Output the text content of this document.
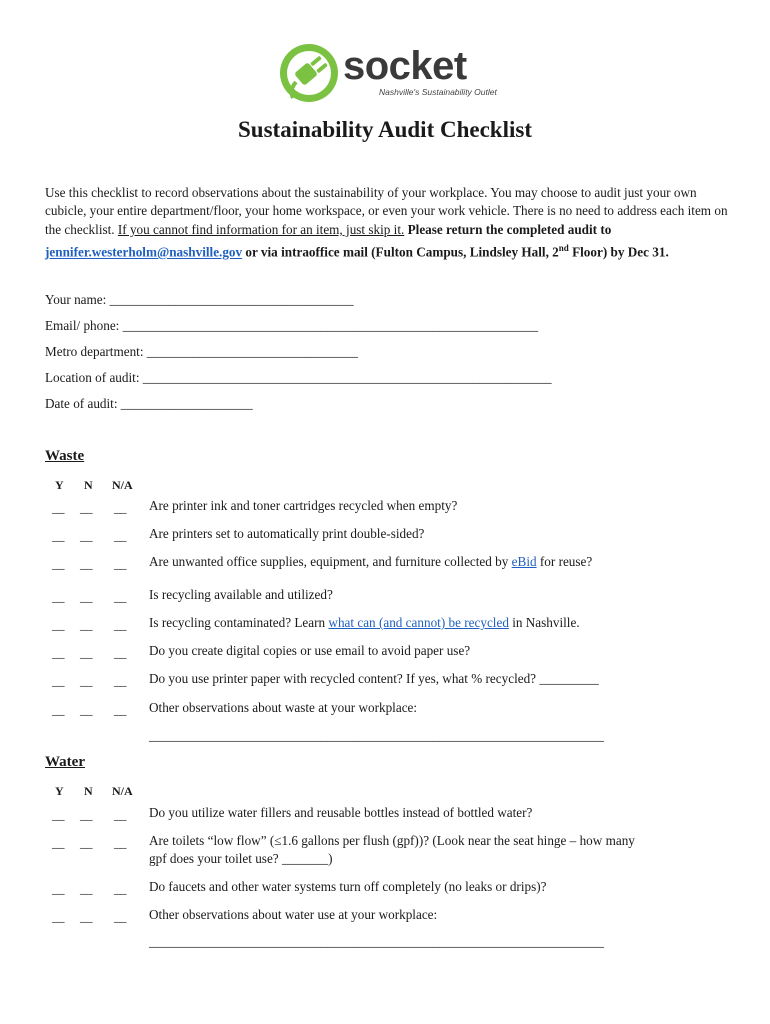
socket
Nashville's Sustainability Outlet
Sustainability Audit Checklist
Use this checklist to record observations about the sustainability of your workplace. You may choose to audit just your own cubicle, your entire department/floor, your home workspace, or even your work vehicle. There is no need to address each item on the checklist. If you cannot find information for an item, just skip it. Please return the completed audit to
jennifer.westerholm@nashville.gov or via intraoffice mail (Fulton Campus, Lindsley Hall, 2nd Floor) by Dec 31.
Your name: _____________________________________
Email/ phone: _______________________________________________________________
Metro department: ________________________________
Location of audit: ______________________________________________________________
Date of audit: ____________________
Waste
Y N N/A
__ __ __ Are printer ink and toner cartridges recycled when empty?
__ __ __ Are printers set to automatically print double-sided?
__ __ __ Are unwanted office supplies, equipment, and furniture collected by eBid for reuse?
__ __ __ Is recycling available and utilized?
__ __ __ Is recycling contaminated? Learn what can (and cannot) be recycled in Nashville.
__ __ __ Do you create digital copies or use email to avoid paper use?
__ __ __ Do you use printer paper with recycled content? If yes, what % recycled? _________
__ __ __ Other observations about waste at your workplace:
_____________________________________________________________________
Water
Y N N/A
__ __ __ Do you utilize water fillers and reusable bottles instead of bottled water?
__ __ __ Are toilets “low flow” (≤1.6 gallons per flush (gpf))? (Look near the seat hinge – how many gpf does your toilet use? _______)
__ __ __ Do faucets and other water systems turn off completely (no leaks or drips)?
__ __ __ Other observations about water use at your workplace:
_____________________________________________________________________
